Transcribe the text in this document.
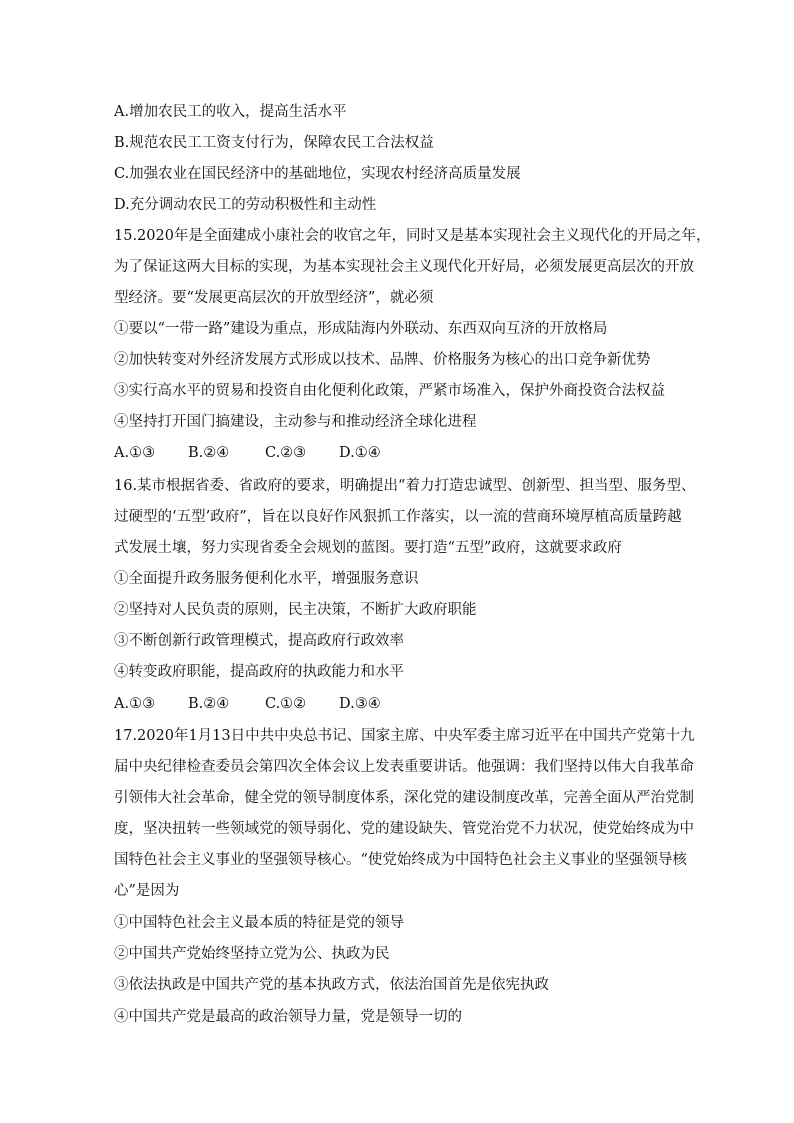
A.增加农民工的收入，提高生活水平
B.规范农民工工资支付行为，保障农民工合法权益
C.加强农业在国民经济中的基础地位，实现农村经济高质量发展
D.充分调动农民工的劳动积极性和主动性
15.2020年是全面建成小康社会的收官之年，同时又是基本实现社会主义现代化的开局之年，
为了保证这两大目标的实现，为基本实现社会主义现代化开好局，必须发展更高层次的开放
型经济。要“发展更高层次的开放型经济”，就必须
①要以“一带一路”建设为重点，形成陆海内外联动、东西双向互济的开放格局
②加快转变对外经济发展方式形成以技术、品牌、价格服务为核心的出口竞争新优势
③实行高水平的贸易和投资自由化便利化政策，严紧市场准入，保护外商投资合法权益
④坚持打开国门搞建设，主动参与和推动经济全球化进程
A.①③ B.②④ C.②③ D.①④
16.某市根据省委、省政府的要求，明确提出“着力打造忠诚型、创新型、担当型、服务型、
过硬型的‘五型’政府”，旨在以良好作风狠抓工作落实，以一流的营商环境厚植高质量跨越
式发展土壤，努力实现省委全会规划的蓝图。要打造“五型”政府，这就要求政府
①全面提升政务服务便利化水平，增强服务意识
②坚持对人民负责的原则，民主决策，不断扩大政府职能
③不断创新行政管理模式，提高政府行政效率
④转变政府职能，提高政府的执政能力和水平
A.①③ B.②④ C.①② D.③④
17.2020年1月13日中共中央总书记、国家主席、中央军委主席习近平在中国共产党第十九
届中央纪律检查委员会第四次全体会议上发表重要讲话。他强调：我们坚持以伟大自我革命
引领伟大社会革命，健全党的领导制度体系，深化党的建设制度改革，完善全面从严治党制
度，坚决扭转一些领域党的领导弱化、党的建设缺失、管党治党不力状况，使党始终成为中
国特色社会主义事业的坚强领导核心。“使党始终成为中国特色社会主义事业的坚强领导核
心”是因为
①中国特色社会主义最本质的特征是党的领导
②中国共产党始终坚持立党为公、执政为民
③依法执政是中国共产党的基本执政方式，依法治国首先是依宪执政
④中国共产党是最高的政治领导力量，党是领导一切的
